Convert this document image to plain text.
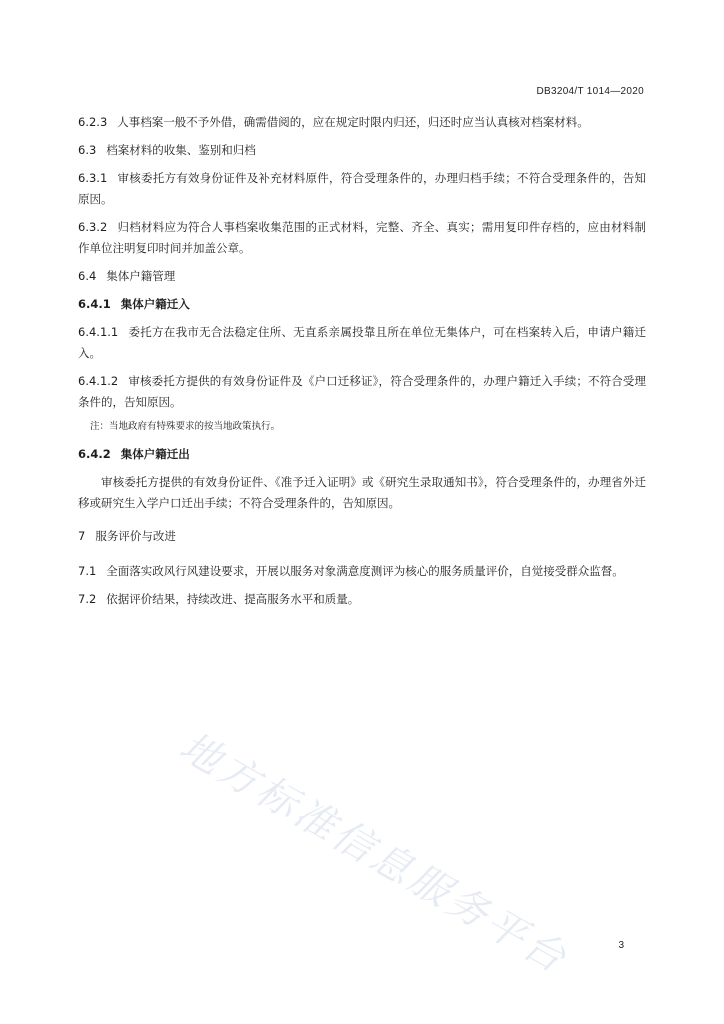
DB3204/T 1014—2020

6.2.3 人事档案一般不予外借，确需借阅的，应在规定时限内归还，归还时应当认真核对档案材料。

6.3 档案材料的收集、鉴别和归档

6.3.1 审核委托方有效身份证件及补充材料原件，符合受理条件的，办理归档手续；不符合受理条件的，告知原因。

6.3.2 归档材料应为符合人事档案收集范围的正式材料，完整、齐全、真实；需用复印件存档的，应由材料制作单位注明复印时间并加盖公章。

6.4 集体户籍管理
6.4.1 集体户籍迁入

6.4.1.1 委托方在我市无合法稳定住所、无直系亲属投靠且所在单位无集体户，可在档案转入后，申请户籍迁入。

6.4.1.2 审核委托方提供的有效身份证件及《户口迁移证》，符合受理条件的，办理户籍迁入手续；不符合受理条件的，告知原因。

注：当地政府有特殊要求的按当地政策执行。
6.4.2 集体户籍迁出

审核委托方提供的有效身份证件、《准予迁入证明》或《研究生录取通知书》，符合受理条件的，办理省外迁移或研究生入学户口迁出手续；不符合受理条件的，告知原因。

7 服务评价与改进

7.1 全面落实政风行风建设要求，开展以服务对象满意度测评为核心的服务质量评价，自觉接受群众监督。

7.2 依据评价结果，持续改进、提高服务水平和质量。

地方标准信息服务平台	3
